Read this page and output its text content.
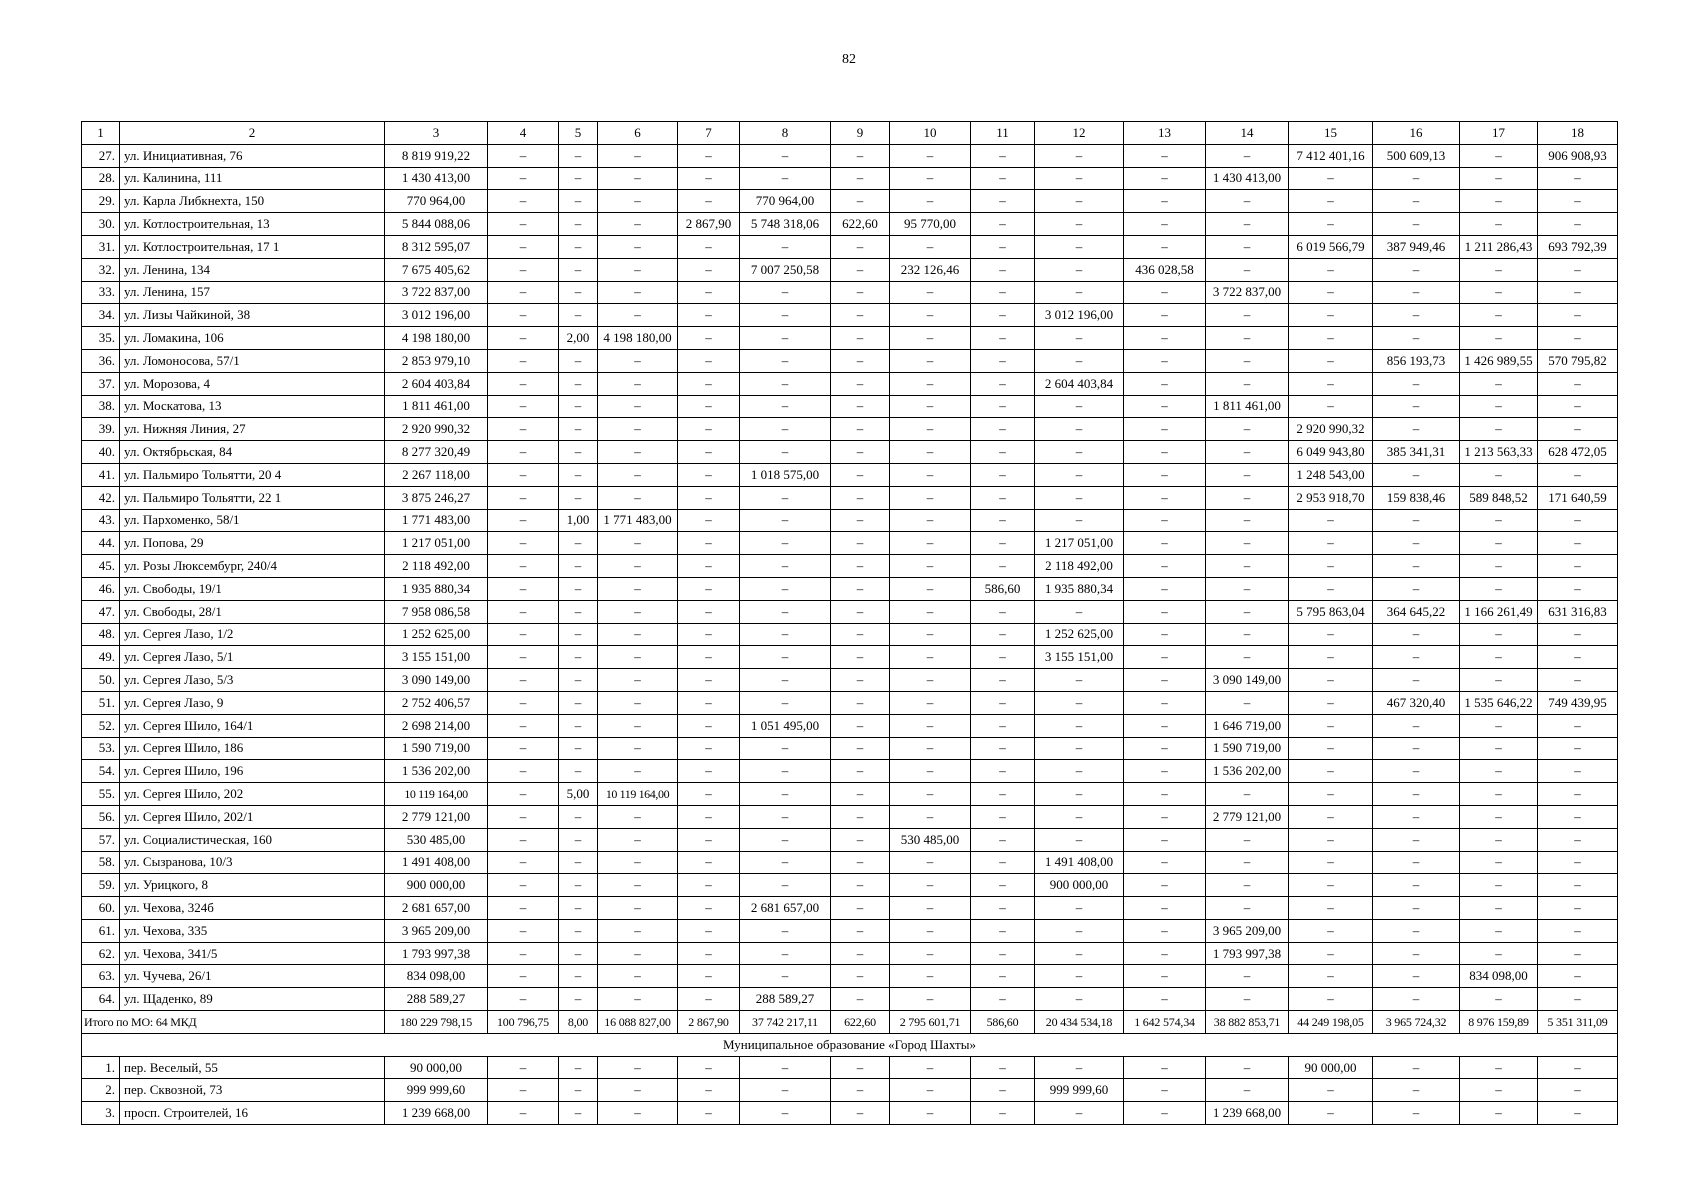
82
1	2	3	4	5	6	7	8	9	10	11	12	13	14	15	16	17	18
27.	ул. Инициативная, 76	8 819 919,22	–	–	–	–	–	–	–	–	–	–	–	7 412 401,16	500 609,13	–	906 908,93
28.	ул. Калинина, 111	1 430 413,00	–	–	–	–	–	–	–	–	–	–	1 430 413,00	–	–	–	–
29.	ул. Карла Либкнехта, 150	770 964,00	–	–	–	–	770 964,00	–	–	–	–	–	–	–	–	–	–
30.	ул. Котлостроительная, 13	5 844 088,06	–	–	–	2 867,90	5 748 318,06	622,60	95 770,00	–	–	–	–	–	–	–	–
31.	ул. Котлостроительная, 17 1	8 312 595,07	–	–	–	–	–	–	–	–	–	–	–	6 019 566,79	387 949,46	1 211 286,43	693 792,39
32.	ул. Ленина, 134	7 675 405,62	–	–	–	–	7 007 250,58	–	232 126,46	–	–	436 028,58	–	–	–	–	–
33.	ул. Ленина, 157	3 722 837,00	–	–	–	–	–	–	–	–	–	–	3 722 837,00	–	–	–	–
34.	ул. Лизы Чайкиной, 38	3 012 196,00	–	–	–	–	–	–	–	–	3 012 196,00	–	–	–	–	–	–
35.	ул. Ломакина, 106	4 198 180,00	–	2,00	4 198 180,00	–	–	–	–	–	–	–	–	–	–	–	–
36.	ул. Ломоносова, 57/1	2 853 979,10	–	–	–	–	–	–	–	–	–	–	–	–	856 193,73	1 426 989,55	570 795,82
37.	ул. Морозова, 4	2 604 403,84	–	–	–	–	–	–	–	–	2 604 403,84	–	–	–	–	–	–
38.	ул. Москатова, 13	1 811 461,00	–	–	–	–	–	–	–	–	–	–	1 811 461,00	–	–	–	–
39.	ул. Нижняя Линия, 27	2 920 990,32	–	–	–	–	–	–	–	–	–	–	–	2 920 990,32	–	–	–
40.	ул. Октябрьская, 84	8 277 320,49	–	–	–	–	–	–	–	–	–	–	–	6 049 943,80	385 341,31	1 213 563,33	628 472,05
41.	ул. Пальмиро Тольятти, 20 4	2 267 118,00	–	–	–	–	1 018 575,00	–	–	–	–	–	–	1 248 543,00	–	–	–
42.	ул. Пальмиро Тольятти, 22 1	3 875 246,27	–	–	–	–	–	–	–	–	–	–	–	2 953 918,70	159 838,46	589 848,52	171 640,59
43.	ул. Пархоменко, 58/1	1 771 483,00	–	1,00	1 771 483,00	–	–	–	–	–	–	–	–	–	–	–	–
44.	ул. Попова, 29	1 217 051,00	–	–	–	–	–	–	–	–	1 217 051,00	–	–	–	–	–	–
45.	ул. Розы Люксембург, 240/4	2 118 492,00	–	–	–	–	–	–	–	–	2 118 492,00	–	–	–	–	–	–
46.	ул. Свободы, 19/1	1 935 880,34	–	–	–	–	–	–	–	586,60	1 935 880,34	–	–	–	–	–	–
47.	ул. Свободы, 28/1	7 958 086,58	–	–	–	–	–	–	–	–	–	–	–	5 795 863,04	364 645,22	1 166 261,49	631 316,83
48.	ул. Сергея Лазо, 1/2	1 252 625,00	–	–	–	–	–	–	–	–	1 252 625,00	–	–	–	–	–	–
49.	ул. Сергея Лазо, 5/1	3 155 151,00	–	–	–	–	–	–	–	–	3 155 151,00	–	–	–	–	–	–
50.	ул. Сергея Лазо, 5/3	3 090 149,00	–	–	–	–	–	–	–	–	–	–	3 090 149,00	–	–	–	–
51.	ул. Сергея Лазо, 9	2 752 406,57	–	–	–	–	–	–	–	–	–	–	–	–	467 320,40	1 535 646,22	749 439,95
52.	ул. Сергея Шило, 164/1	2 698 214,00	–	–	–	–	1 051 495,00	–	–	–	–	–	1 646 719,00	–	–	–	–
53.	ул. Сергея Шило, 186	1 590 719,00	–	–	–	–	–	–	–	–	–	–	1 590 719,00	–	–	–	–
54.	ул. Сергея Шило, 196	1 536 202,00	–	–	–	–	–	–	–	–	–	–	1 536 202,00	–	–	–	–
55.	ул. Сергея Шило, 202	10 119 164,00	–	5,00	10 119 164,00	–	–	–	–	–	–	–	–	–	–	–	–
56.	ул. Сергея Шило, 202/1	2 779 121,00	–	–	–	–	–	–	–	–	–	–	2 779 121,00	–	–	–	–
57.	ул. Социалистическая, 160	530 485,00	–	–	–	–	–	–	530 485,00	–	–	–	–	–	–	–	–
58.	ул. Сызранова, 10/3	1 491 408,00	–	–	–	–	–	–	–	–	1 491 408,00	–	–	–	–	–	–
59.	ул. Урицкого, 8	900 000,00	–	–	–	–	–	–	–	–	900 000,00	–	–	–	–	–	–
60.	ул. Чехова, 324б	2 681 657,00	–	–	–	–	2 681 657,00	–	–	–	–	–	–	–	–	–	–
61.	ул. Чехова, 335	3 965 209,00	–	–	–	–	–	–	–	–	–	–	3 965 209,00	–	–	–	–
62.	ул. Чехова, 341/5	1 793 997,38	–	–	–	–	–	–	–	–	–	–	1 793 997,38	–	–	–	–
63.	ул. Чучева, 26/1	834 098,00	–	–	–	–	–	–	–	–	–	–	–	–	–	834 098,00	–
64.	ул. Щаденко, 89	288 589,27	–	–	–	–	288 589,27	–	–	–	–	–	–	–	–	–	–
Итого по МО: 64 МКД		180 229 798,15	100 796,75	8,00	16 088 827,00	2 867,90	37 742 217,11	622,60	2 795 601,71	586,60	20 434 534,18	1 642 574,34	38 882 853,71	44 249 198,05	3 965 724,32	8 976 159,89	5 351 311,09
Муниципальное образование «Город Шахты»																	
1.	пер. Веселый, 55	90 000,00	–	–	–	–	–	–	–	–	–	–	–	90 000,00	–	–	–
2.	пер. Сквозной, 73	999 999,60	–	–	–	–	–	–	–	–	999 999,60	–	–	–	–	–	–
3.	просп. Строителей, 16	1 239 668,00	–	–	–	–	–	–	–	–	–	–	1 239 668,00	–	–	–	–
